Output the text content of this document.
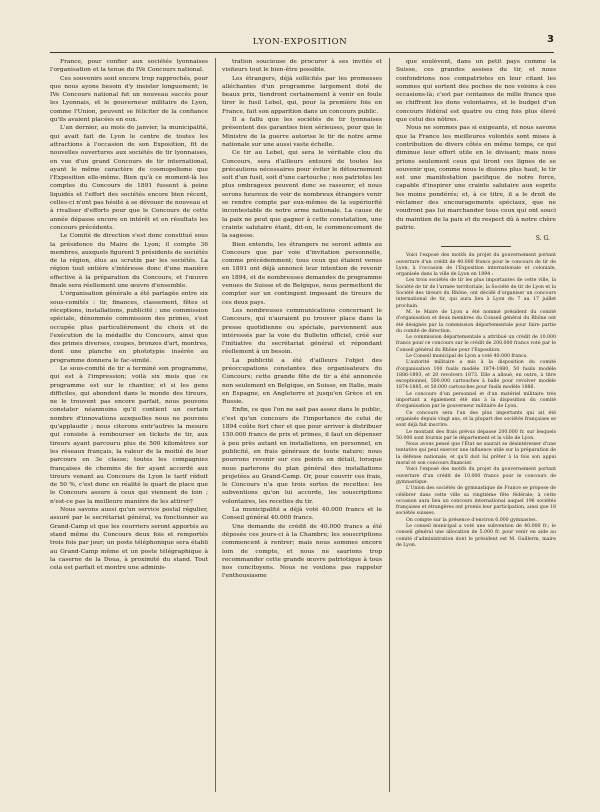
LYON-EXPOSITION	3

France, pour confier aux sociétés lyonnaises l'organisation et la tenue du IVe Concours national.

Ces souvenirs sont encore trop rapprochés, pour que nous ayons besoin d'y insister longuement; le IVe Concours national fut un nouveau succès pour les Lyonnais, et le gouverneur militaire de Lyon, comme l'Union, peuvent se féliciter de la confiance qu'ils avaient placées en eux.

L'an dernier, au mois de janvier, la municipalité, qui avait fait de Lyon le centre de toutes les attractions à l'occasion de son Exposition, fit de nouvelles ouvertures aux sociétés de tir lyonnaises, en vue d'un grand Concours de tir international, ayant le même caractère de cosmopolisme que l'Exposition elle-même. Bien qu'à ce moment-là les comptes du Concours de 1891 fussent à peine liquidés et l'effort des sociétés encore bien récent, celles-ci n'ont pas hésité à se dévouer de nouveau et à rivaliser d'efforts pour que le Concours de cette année dépasse encore en intérêt et en résultats les concours précédents.

Le Comité de direction s'est donc constitué sous la présidence du Maire de Lyon; il compte 36 membres, auxquels figurent 5 présidents de sociétés de la région, élus au scrutin par les sociétés. La région tout entière s'intéresse donc d'une manière effective à la préparation du Concours, et l'œuvre finale sera réellement une œuvre d'ensemble.

L'organisation générale a été partagée entre six sous-comités : tir, finances, classement, fêtes et réceptions, installations, publicité ; une commission spéciale, dénommée commission des primes, s'est occupée plus particulièrement du choix et de l'exécution de la médaille du Concours, ainsi que des primes diverses, coupes, bronzes d'art, montres, dont une planche en phototypie insérée au programme donnera le fac-similé.

Le sous-comité de tir a terminé son programme, qui est à l'impression; voilà six mois que ce programme est sur le chantier, et si les gens difficiles, qui abondent dans le monde des tireurs, ne le trouvent pas encore parfait, nous pouvons constater néanmoins qu'il contient un certain nombre d'innovations auxquelles nous ne pouvons qu'applaudir ; nous citerons entr'autres la mesure qui consiste à rembourser en tickets de tir, aux tireurs ayant parcouru plus de 500 kilomètres sur les réseaux français, la valeur de la moitié de leur parcours en 3e classe; toutes les compagnies françaises de chemins de fer ayant accordé aux tireurs venant au Concours de Lyon le tarif réduit de 50 %, c'est donc en réalité le quart de place que le Concours assure à ceux qui viennent de loin ; n'est-ce pas la meilleure manière de les attirer?

Nous savons aussi qu'un service postal régulier, assuré par le secrétariat général, va fonctionner au Grand-Camp et que les courriers seront apportés au stand même du Concours deux fois et remportés trois fois par jour; un poste téléphonique sera établi au Grand-Camp même et un poste télégraphique à la caserne de la Doua, à proximité du stand. Tout cela est parfait et montre une adminis-

tration soucieuse de procurer à ses invités et visiteurs tout le bien-être possible.

Les étrangers, déjà sollicités par les promesses alléchantes d'un programme largement doté de beaux prix, tiendront certainement à venir en foule tirer le fusil Lebel, qui, pour la première fois en France, fait son apparition dans un concours public.

Il a fallu que les sociétés de tir lyonnaises présentent des garanties bien sérieuses, pour que le Ministre de la guerre autorise le tir de notre arme nationale sur une aussi vaste échelle.

Ce tir au Lebel, qui sera le véritable clou du Concours, sera d'ailleurs entouré de toutes les précautions nécessaires pour éviter le détournement soit d'un fusil, soit d'une cartouche ; nos patriotes les plus ombrageux peuvent donc se rassurer, et nous serons heureux de voir de nombreux étrangers venir se rendre compte par eux-mêmes de la supériorité incontestable de notre arme nationale. La cause de la paix ne peut que gagner à cette constatation, une crainte salutaire étant, dit-on, le commencement de la sagesse.

Bien entendu, les étrangers ne seront admis au Concours que par voie d'invitation personnelle, comme précédemment; tous ceux qui étaient venus en 1891 ont déjà annoncé leur intention de revenir en 1894, et de nombreuses demandes de programme venues de Suisse et de Belgique, nous permettent de compter sur un contingent imposant de tireurs de ces deux pays.

Les nombreuses communications concernant le Concours, qui n'auraient pu trouver place dans la presse quotidienne ou spéciale, parviennent aux intéressés par la voie du Bulletin officiel, créé sur l'initiative du secrétariat général et répondant réellement à un besoin.

La publicité a été d'ailleurs l'objet des préoccupations constantes des organisateurs du Concours; cette grande fête de tir a été annoncée non seulement en Belgique, en Suisse, en Italie, mais en Espagne, en Angleterre et jusqu'en Grèce et en Russie.

Enfin, ce que l'on ne sait pas assez dans le public, c'est qu'un concours de l'importance de celui de 1894 coûte fort cher et que pour arriver à distribuer 150.000 francs de prix et primes, il faut en dépenser à peu près autant en installations, en personnel, en publicité, en frais généraux de toute nature; nous pourrons revenir sur ces points en détail, lorsque nous parlerons du plan général des installations projetées au Grand-Camp. Or, pour couvrir ces frais, le Concours n'a que trois sortes de recettes: les subventions qu'on lui accorde, les souscriptions volontaires, les recettes du tir.

La municipalité a déjà voté 40.000 francs et le Conseil général 40.000 francs.

Une demande de crédit de 40.000 francs a été déposée ces jours-ci à la Chambre; les souscriptions commencent à rentrer; mais nous sommes encore loin de compte, et nous ne saurions trop recommander cette grande œuvre patriotique à tous nos concitoyens. Nous ne voulons pas rappeler l'enthousiasme

que soulèvent, dans un petit pays comme la Suisse, ces grandes assises du tir, et nous confondrions nos compatriotes en leur citant les sommes qui sortent des poches de nos voisins à ces occasions-là; c'est par centaines de mille francs que se chiffrent les dons volontaires, et le budget d'un concours fédéral est quatre ou cinq fois plus élevé que celui des nôtres.

Nous ne sommes pas si exigeants, et nous savons que la France les meilleures volontés sont mises à contribution de divers côtés en même temps, ce qui diminue leur effort utile en le divisant; mais nous prions seulement ceux qui liront ces lignes de se souvenir que, comme nous le disions plus haut, le tir est une manifestation pacifique de notre force, capable d'inspirer une crainte salutaire aux esprits les moins pondérés; et, à ce titre, il a le droit de réclamer des encouragements spéciaux, que ne voudront pas lui marchander tous ceux qui ont souci du maintien de la paix et du respect dû à notre chère patrie.

S. G.

Voici l'exposé des motifs du projet du gouvernement portant ouverture d'un crédit de 40.000 francs pour le concours de tir de Lyon, à l'occasion de l'Exposition internationale et coloniale, organisée dans la ville de Lyon en 1894 :

Les trois sociétés de tir les plus importantes de cette ville, la Société de tir de l'armée territoriale, la Société de tir de Lyon et la Société des tireurs du Rhône, ont décidé d'organiser un concours international de tir, qui aura lieu à Lyon du 7 au 17 juillet prochain.

M. le Maire de Lyon a été nommé président du comité d'organisation et deux membres du Conseil général du Rhône ont été désignés par la commission départementale pour faire partie du comité de direction.

Le commission départementale a attribué un crédit de 10.000 francs pour ce concours sur le crédit de 200.000 francs voté par le Conseil général du Rhône pour l'Exposition.

Le Conseil municipal de Lyon a voté 40.000 francs.

L'autorité militaire a mis à la disposition du comité d'organisation 100 fusils modèle 1874-1880, 50 fusils modèle 1886-1893, et 20 revolvers 1873. Elle a alloué, en outre, à titre exceptionnel, 500.000 cartouches à balle pour revolver modèle 1874-1885, et 50.000 cartouches pour fusils modèle 1886.

Le concours d'un personnel et d'un matériel militaire très important a également été mis à la disposition du comité d'organisation par le gouverneur militaire de Lyon.

Ce concours sera l'un des plus importants qui ait été organisés depuis vingt ans, et la plupart des sociétés françaises se sont déjà fait inscrire.

Le montant des frais prévus dépasse 200.000 fr. sur lesquels 50.000 sont fournis par le département et la ville de Lyon.

Nous avons pensé que l'État ne saurait se désintéresser d'une tentative qui peut exercer une influence utile sur la préparation de la défense nationale, et qu'il doit lui prêter à la fois son appui moral et son concours financier.

Voici l'exposé des motifs du projet du gouvernement portant ouverture d'un crédit de 10.000 francs pour le concours de gymnastique.

L'Union des sociétés de gymnastique de France se propose de célébrer dans cette ville sa vingtième fête fédérale; à cette occasion aura lieu un concours international auquel 196 sociétés françaises et étrangères ont promis leur participation, ainsi que 18 sociétés suisses.

On compte sur la présence d'environ 6.000 gymnastes.

Le conseil municipal a voté une subvention de 40.000 fr.; le conseil général une allocation de 5.000 fr. pour venir en aide au comité d'administration dont le président est M. Guillerm, maire de Lyon.
